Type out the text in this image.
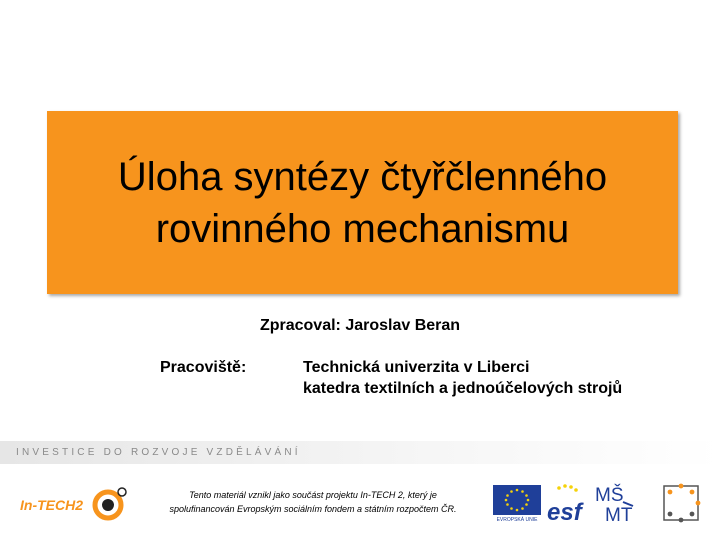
Úloha syntézy čtyřčlenného rovinného mechanismu
Zpracoval: Jaroslav Beran
Pracoviště:	Technická univerzita v Liberci
katedra textilních a jednoúčelových strojů
INVESTICE DO ROZVOJE VZDĚLÁVÁNÍ
In-TECH2
Tento materiál vznikl jako součást projektu In-TECH 2, který je
spolufinancován Evropským sociálním fondem a státním rozpočtem ČR.
EVROPSKÁ UNIE esf
MŠ
MT
